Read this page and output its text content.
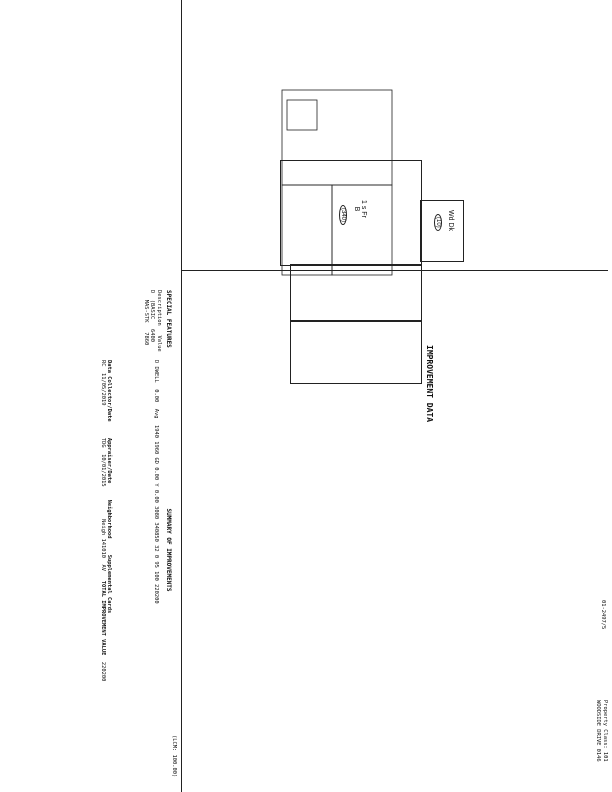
01-2497/5
Property Class: 101
WOODSIDE DRIVE 0146
IMPROVEMENT DATA
Wd Dk
(10)
1 s Fr
B
(340)
SPECIAL FEATURES
Description   Value
D  (BASIC   6400
MAS-STK   7860
SUMMARY OF IMPROVEMENTS
D DWELL  0.00  Avg  1940 1960 GD 0.00 Y 0.00 3080 340850 32 0 95 100 220200
Data Collector/Date     Appraiser/Date     Neighborhood     Supplemental Cards
RC  11/05/2019          TDG  10/01/2015          Neigh 141010  AV   TOTAL IMPROVEMENT VALUE  220200
(LCM: 100.00)
